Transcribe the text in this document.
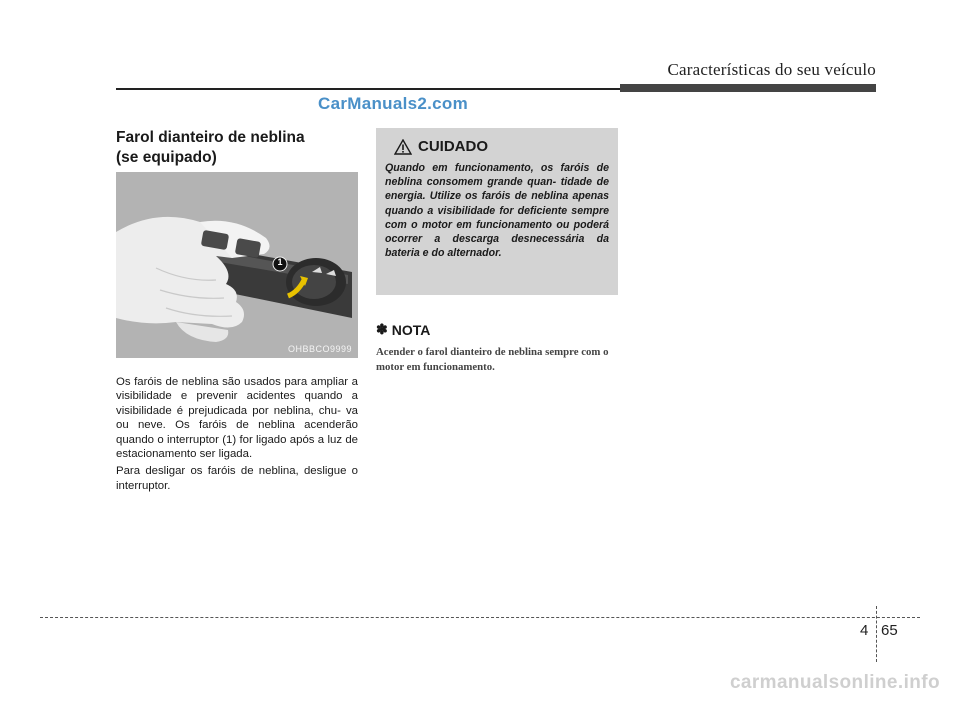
Características do seu veículo
CarManuals2.com
Farol dianteiro de neblina
(se equipado)
1
OHBBCO9999

Os faróis de neblina são usados para ampliar a visibilidade e prevenir acidentes quando a visibilidade é prejudicada por neblina, chu- va ou neve. Os faróis de neblina acenderão quando o interruptor (1) for ligado após a luz de estacionamento ser ligada.

Para desligar os faróis de neblina, desligue o interruptor.

CUIDADO
Quando em funcionamento, os faróis de neblina consomem grande quan- tidade de energia. Utilize os faróis de neblina apenas quando a visibilidade for deficiente sempre com o motor em funcionamento ou poderá ocorrer a descarga desnecessária da bateria e do alternador.
✽ NOTA
Acender o farol dianteiro de neblina sempre com o motor em funcionamento.
4 65
carmanualsonline.info
